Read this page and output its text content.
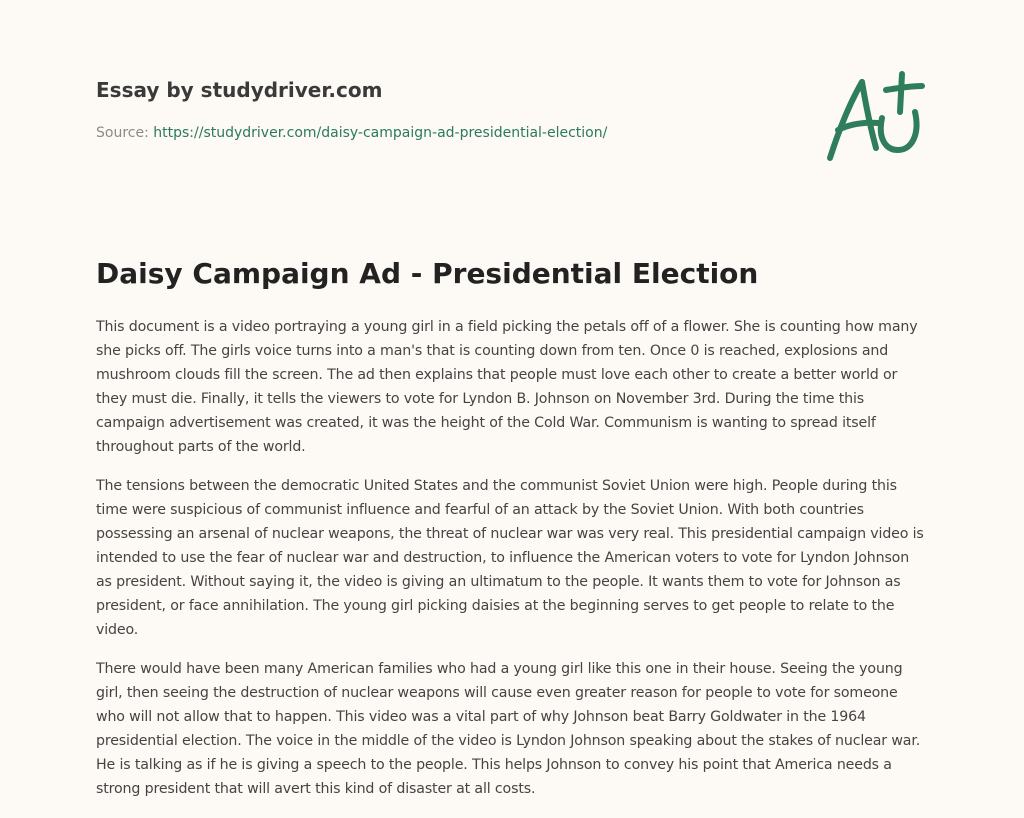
Essay by studydriver.com
Source: https://studydriver.com/daisy-campaign-ad-presidential-election/
Daisy Campaign Ad - Presidential Election

This document is a video portraying a young girl in a field picking the petals off of a flower. She is counting how many she picks off. The girls voice turns into a man's that is counting down from ten. Once 0 is reached, explosions and mushroom clouds fill the screen. The ad then explains that people must love each other to create a better world or they must die. Finally, it tells the viewers to vote for Lyndon B. Johnson on November 3rd. During the time this campaign advertisement was created, it was the height of the Cold War. Communism is wanting to spread itself throughout parts of the world.

The tensions between the democratic United States and the communist Soviet Union were high. People during this time were suspicious of communist influence and fearful of an attack by the Soviet Union. With both countries possessing an arsenal of nuclear weapons, the threat of nuclear war was very real. This presidential campaign video is intended to use the fear of nuclear war and destruction, to influence the American voters to vote for Lyndon Johnson as president. Without saying it, the video is giving an ultimatum to the people. It wants them to vote for Johnson as president, or face annihilation. The young girl picking daisies at the beginning serves to get people to relate to the video.

There would have been many American families who had a young girl like this one in their house. Seeing the young girl, then seeing the destruction of nuclear weapons will cause even greater reason for people to vote for someone who will not allow that to happen. This video was a vital part of why Johnson beat Barry Goldwater in the 1964 presidential election. The voice in the middle of the video is Lyndon Johnson speaking about the stakes of nuclear war. He is talking as if he is giving a speech to the people. This helps Johnson to convey his point that America needs a strong president that will avert this kind of disaster at all costs.
